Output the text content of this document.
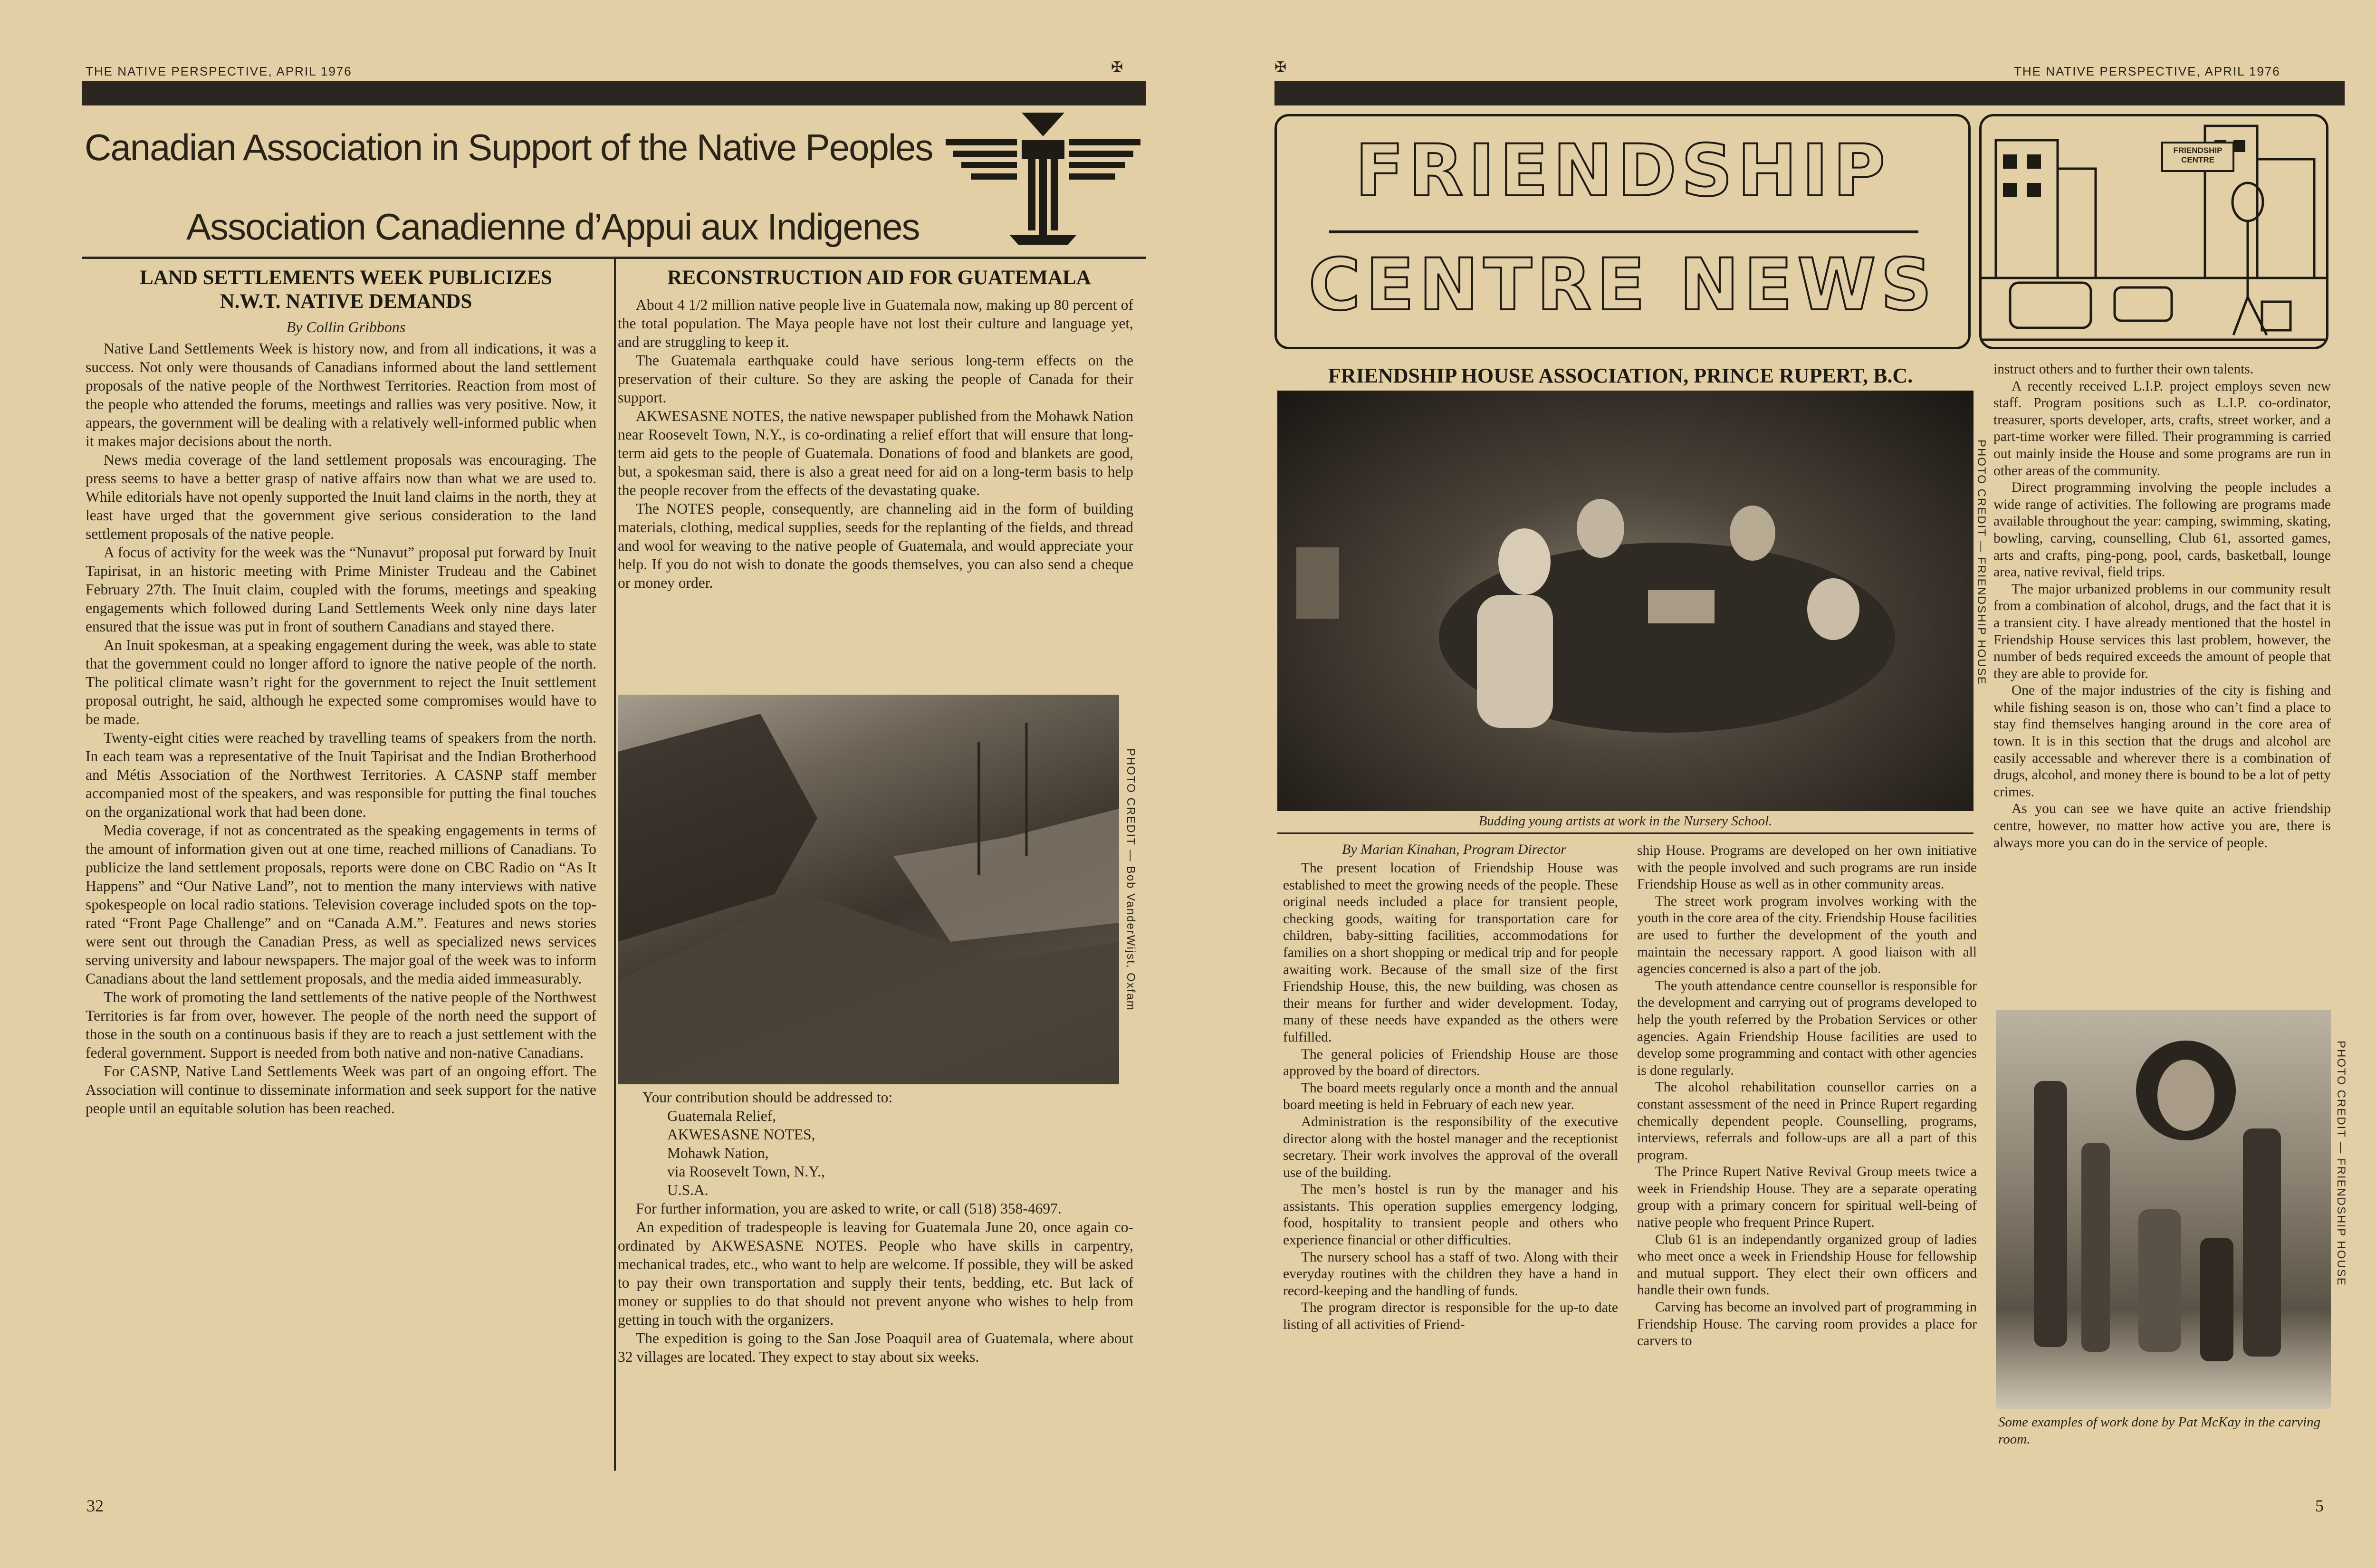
THE NATIVE PERSPECTIVE, APRIL 1976	✠
Canadian Association in Support of the Native Peoples
Association Canadienne d’Appui aux Indigenes
LAND SETTLEMENTS WEEK PUBLICIZES
N.W.T. NATIVE DEMANDS
By Collin Gribbons

Native Land Settlements Week is history now, and from all indications, it was a success. Not only were thousands of Canadians informed about the land settlement proposals of the native people of the Northwest Territories. Reaction from most of the people who attended the forums, meetings and rallies was very positive. Now, it appears, the government will be dealing with a relatively well-informed public when it makes major decisions about the north.

News media coverage of the land settlement proposals was encouraging. The press seems to have a better grasp of native affairs now than what we are used to. While editorials have not openly supported the Inuit land claims in the north, they at least have urged that the government give serious consideration to the land settlement proposals of the native people.

A focus of activity for the week was the “Nunavut” proposal put forward by Inuit Tapirisat, in an historic meeting with Prime Minister Trudeau and the Cabinet February 27th. The Inuit claim, coupled with the forums, meetings and speaking engagements which followed during Land Settlements Week only nine days later ensured that the issue was put in front of southern Canadians and stayed there.

An Inuit spokesman, at a speaking engagement during the week, was able to state that the government could no longer afford to ignore the native people of the north. The political climate wasn’t right for the government to reject the Inuit settlement proposal outright, he said, although he expected some compromises would have to be made.

Twenty-eight cities were reached by travelling teams of speakers from the north. In each team was a representative of the Inuit Tapirisat and the Indian Brotherhood and Métis Association of the Northwest Territories. A CASNP staff member accompanied most of the speakers, and was responsible for putting the final touches on the organizational work that had been done.

Media coverage, if not as concentrated as the speaking engagements in terms of the amount of information given out at one time, reached millions of Canadians. To publicize the land settlement proposals, reports were done on CBC Radio on “As It Happens” and “Our Native Land”, not to mention the many interviews with native spokespeople on local radio stations. Television coverage included spots on the top-rated “Front Page Challenge” and on “Canada A.M.”. Features and news stories were sent out through the Canadian Press, as well as specialized news services serving university and labour newspapers. The major goal of the week was to inform Canadians about the land settlement proposals, and the media aided immeasurably.

The work of promoting the land settlements of the native people of the Northwest Territories is far from over, however. The people of the north need the support of those in the south on a continuous basis if they are to reach a just settlement with the federal government. Support is needed from both native and non-native Canadians.

For CASNP, Native Land Settlements Week was part of an ongoing effort. The Association will continue to disseminate information and seek support for the native people until an equitable solution has been reached.

RECONSTRUCTION AID FOR GUATEMALA

About 4 1/2 million native people live in Guatemala now, making up 80 percent of the total population. The Maya people have not lost their culture and language yet, and are struggling to keep it.

The Guatemala earthquake could have serious long-term effects on the preservation of their culture. So they are asking the people of Canada for their support.

AKWESASNE NOTES, the native newspaper published from the Mohawk Nation near Roosevelt Town, N.Y., is co-ordinating a relief effort that will ensure that long-term aid gets to the people of Guatemala. Donations of food and blankets are good, but, a spokesman said, there is also a great need for aid on a long-term basis to help the people recover from the effects of the devastating quake.

The NOTES people, consequently, are channeling aid in the form of building materials, clothing, medical supplies, seeds for the replanting of the fields, and thread and wool for weaving to the native people of Guatemala, and would appreciate your help. If you do not wish to donate the goods themselves, you can also send a cheque or money order.

PHOTO CREDIT — Bob VanderWijst, Oxfam
Your contribution should be addressed to:
Guatemala Relief,
AKWESASNE NOTES,
Mohawk Nation,
via Roosevelt Town, N.Y.,
U.S.A.

For further information, you are asked to write, or call (518) 358-4697.

An expedition of tradespeople is leaving for Guatemala June 20, once again co-ordinated by AKWESASNE NOTES. People who have skills in carpentry, mechanical trades, etc., who want to help are welcome. If possible, they will be asked to pay their own transportation and supply their tents, bedding, etc. But lack of money or supplies to do that should not prevent anyone who wishes to help from getting in touch with the organizers.

The expedition is going to the San Jose Poaquil area of Guatemala, where about 32 villages are located. They expect to stay about six weeks.

32
✠	THE NATIVE PERSPECTIVE, APRIL 1976
FRIENDSHIP
CENTRE NEWS
FRIENDSHIP CENTRE
FRIENDSHIP HOUSE ASSOCIATION, PRINCE RUPERT, B.C.
PHOTO CREDIT — FRIENDSHIP HOUSE
Budding young artists at work in the Nursery School.
By Marian Kinahan, Program Director

The present location of Friendship House was established to meet the growing needs of the people. These original needs included a place for transient people, checking goods, waiting for transportation care for children, baby-sitting facilities, accommodations for families on a short shopping or medical trip and for people awaiting work. Because of the small size of the first Friendship House, this, the new building, was chosen as their means for further and wider development. Today, many of these needs have expanded as the others were fulfilled.

The general policies of Friendship House are those approved by the board of directors.

The board meets regularly once a month and the annual board meeting is held in February of each new year.

Administration is the responsibility of the executive director along with the hostel manager and the receptionist secretary. Their work involves the approval of the overall use of the building.

The men’s hostel is run by the manager and his assistants. This operation supplies emergency lodging, food, hospitality to transient people and others who experience financial or other difficulties.

The nursery school has a staff of two. Along with their everyday routines with the children they have a hand in record-keeping and the handling of funds.

The program director is responsible for the up-to date listing of all activities of Friend-

ship House. Programs are developed on her own initiative with the people involved and such programs are run inside Friendship House as well as in other community areas.

The street work program involves working with the youth in the core area of the city. Friendship House facilities are used to further the development of the youth and maintain the necessary rapport. A good liaison with all agencies concerned is also a part of the job.

The youth attendance centre counsellor is responsible for the development and carrying out of programs developed to help the youth referred by the Probation Services or other agencies. Again Friendship House facilities are used to develop some programming and contact with other agencies is done regularly.

The alcohol rehabilitation counsellor carries on a constant assessment of the need in Prince Rupert regarding chemically dependent people. Counselling, programs, interviews, referrals and follow-ups are all a part of this program.

The Prince Rupert Native Revival Group meets twice a week in Friendship House. They are a separate operating group with a primary concern for spiritual well-being of native people who frequent Prince Rupert.

Club 61 is an independantly organized group of ladies who meet once a week in Friendship House for fellowship and mutual support. They elect their own officers and handle their own funds.

Carving has become an involved part of programming in Friendship House. The carving room provides a place for carvers to

instruct others and to further their own talents.

A recently received L.I.P. project employs seven new staff. Program positions such as L.I.P. co-ordinator, treasurer, sports developer, arts, crafts, street worker, and a part-time worker were filled. Their programming is carried out mainly inside the House and some programs are run in other areas of the community.

Direct programming involving the people includes a wide range of activities. The following are programs made available throughout the year: camping, swimming, skating, bowling, carving, counselling, Club 61, assorted games, arts and crafts, ping-pong, pool, cards, basketball, lounge area, native revival, field trips.

The major urbanized problems in our community result from a combination of alcohol, drugs, and the fact that it is a transient city. I have already mentioned that the hostel in Friendship House services this last problem, however, the number of beds required exceeds the amount of people that they are able to provide for.

One of the major industries of the city is fishing and while fishing season is on, those who can’t find a place to stay find themselves hanging around in the core area of town. It is in this section that the drugs and alcohol are easily accessable and wherever there is a combination of drugs, alcohol, and money there is bound to be a lot of petty crimes.

As you can see we have quite an active friendship centre, however, no matter how active you are, there is always more you can do in the service of people.

PHOTO CREDIT — FRIENDSHIP HOUSE
Some examples of work done by Pat McKay in the carving room.
5
